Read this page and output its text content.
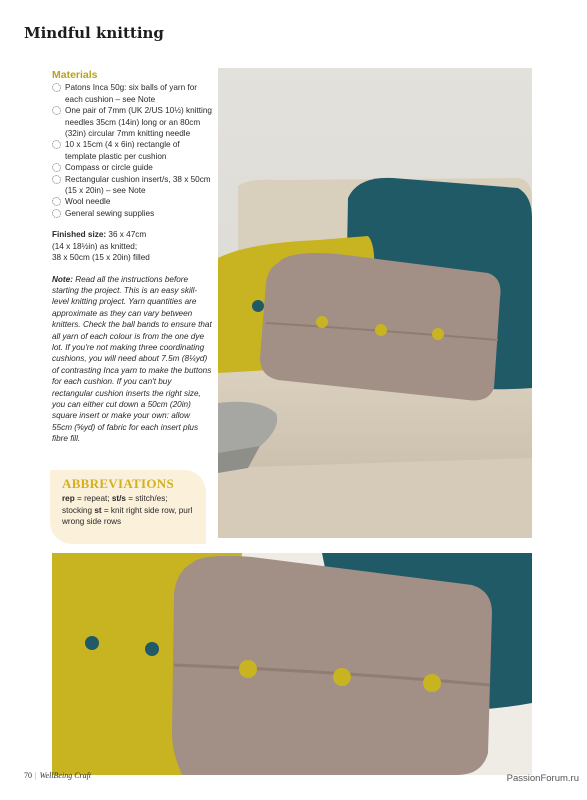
Mindful knitting
Materials
Patons Inca 50g: six balls of yarn for each cushion – see Note
One pair of 7mm (UK 2/US 10½) knitting needles 35cm (14in) long or an 80cm (32in) circular 7mm knitting needle
10 x 15cm (4 x 6in) rectangle of template plastic per cushion
Compass or circle guide
Rectangular cushion insert/s, 38 x 50cm (15 x 20in) – see Note
Wool needle
General sewing supplies
Finished size: 36 x 47cm
(14 x 18½in) as knitted;
38 x 50cm (15 x 20in) filled
Note: Read all the instructions before starting the project. This is an easy skill-level knitting project. Yarn quantities are approximate as they can vary between knitters. Check the ball bands to ensure that all yarn of each colour is from the one dye lot. If you're not making three coordinating cushions, you will need about 7.5m (8¼yd) of contrasting Inca yarn to make the buttons for each cushion. If you can't buy rectangular cushion inserts the right size, you can either cut down a 50cm (20in) square insert or make your own: allow 55cm (⅝yd) of fabric for each insert plus fibre fill.
ABBREVIATIONS
rep = repeat; st/s = stitch/es;
stocking st = knit right side row, purl wrong side rows
70 | WellBeing Craft	PassionForum.ru
